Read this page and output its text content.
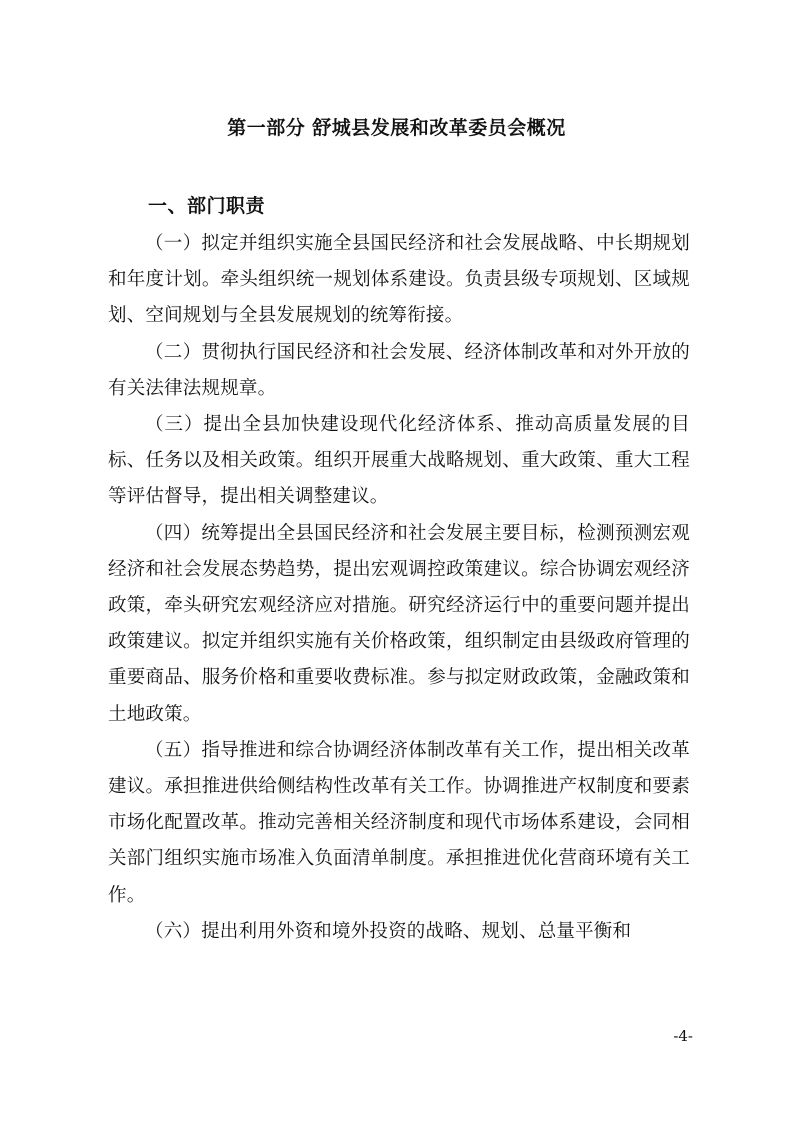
第一部分 舒城县发展和改革委员会概况
一、部门职责

（一）拟定并组织实施全县国民经济和社会发展战略、中长期规划和年度计划。牵头组织统一规划体系建设。负责县级专项规划、区域规划、空间规划与全县发展规划的统筹衔接。

（二）贯彻执行国民经济和社会发展、经济体制改革和对外开放的有关法律法规规章。

（三）提出全县加快建设现代化经济体系、推动高质量发展的目标、任务以及相关政策。组织开展重大战略规划、重大政策、重大工程等评估督导，提出相关调整建议。

（四）统筹提出全县国民经济和社会发展主要目标，检测预测宏观经济和社会发展态势趋势，提出宏观调控政策建议。综合协调宏观经济政策，牵头研究宏观经济应对措施。研究经济运行中的重要问题并提出政策建议。拟定并组织实施有关价格政策，组织制定由县级政府管理的重要商品、服务价格和重要收费标准。参与拟定财政政策，金融政策和土地政策。

（五）指导推进和综合协调经济体制改革有关工作，提出相关改革建议。承担推进供给侧结构性改革有关工作。协调推进产权制度和要素市场化配置改革。推动完善相关经济制度和现代市场体系建设，会同相关部门组织实施市场准入负面清单制度。承担推进优化营商环境有关工作。

（六）提出利用外资和境外投资的战略、规划、总量平衡和

-4-
